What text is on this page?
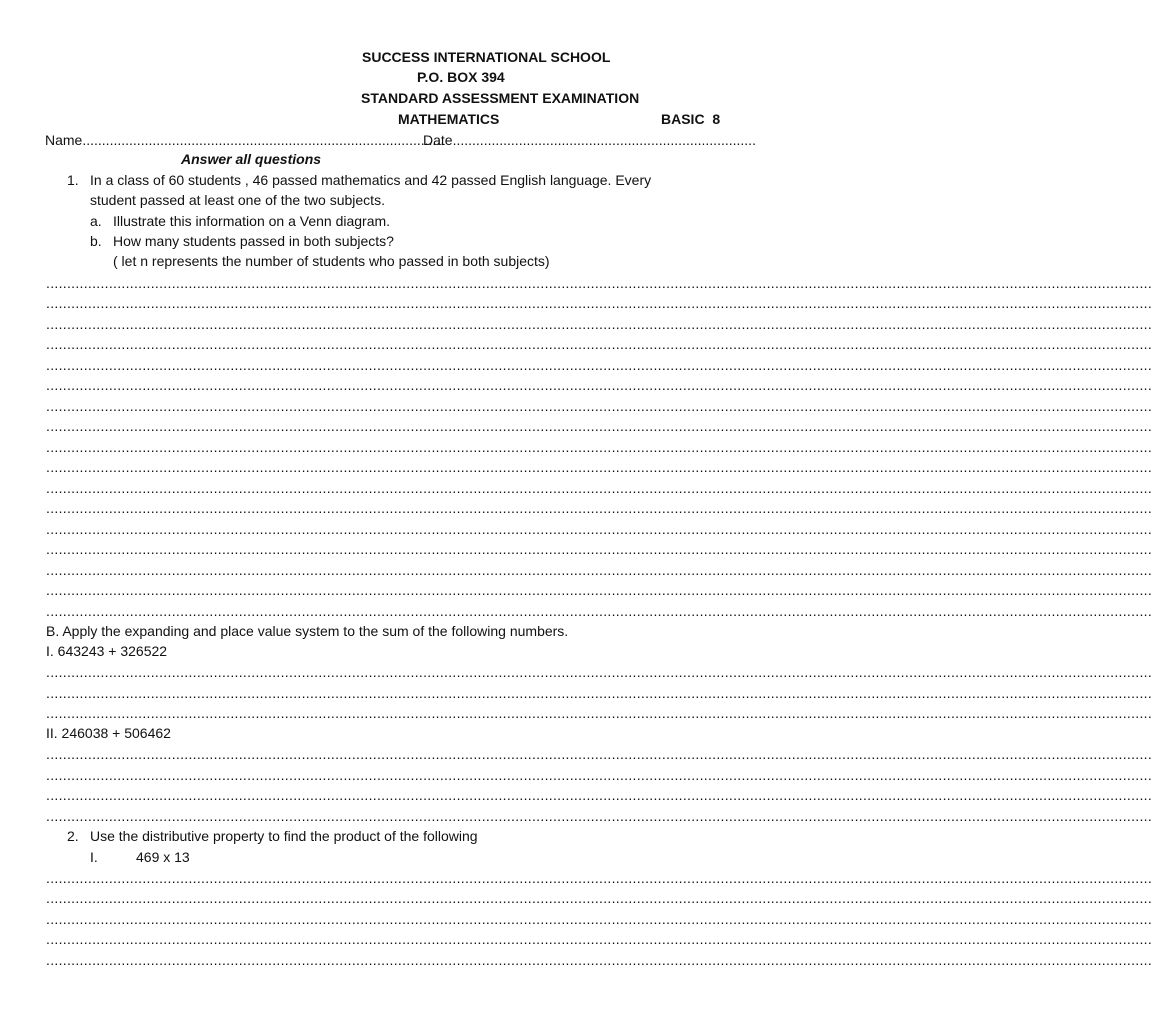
SUCCESS INTERNATIONAL SCHOOL
P.O. BOX 394
STANDARD ASSESSMENT EXAMINATION
MATHEMATICS	BASIC  8
Name.............................................................................................
Date..............................................................................
Answer all questions
1. In a class of 60 students , 46 passed mathematics and 42 passed English language. Every
student passed at least one of the two subjects.
a. Illustrate this information on a Venn diagram.
b. How many students passed in both subjects?
( let n represents the number of students who passed in both subjects)
.....
.....
.....
.....
.....
.....
.....
.....
.....
.....
.....
.....
.....
.....
.....
.....
.....
B. Apply the expanding and place value system to the sum of the following numbers.
I. 643243 + 326522
.....
.....
.....
II. 246038 + 506462
.....
.....
.....
.....
2. Use the distributive property to find the product of the following
I.	469 x 13
.....
.....
.....
.....
.....
